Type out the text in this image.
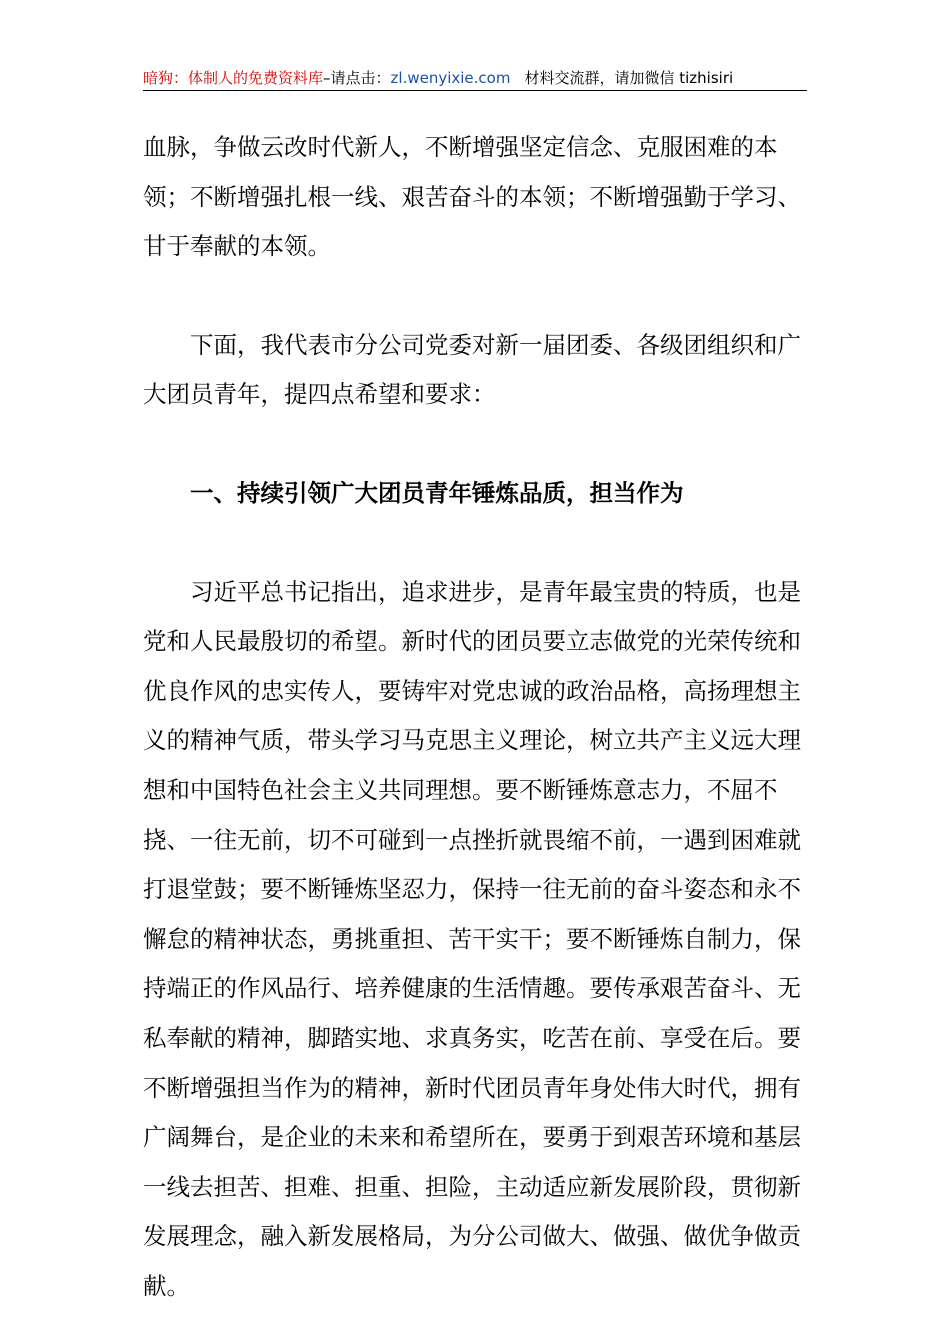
暗狗：体制人的免费资料库–请点击：zl.wenyixie.com 材料交流群，请加微信 tizhisiri

血脉，争做云改时代新人，不断增强坚定信念、克服困难的本领；不断增强扎根一线、艰苦奋斗的本领；不断增强勤于学习、甘于奉献的本领。

下面，我代表市分公司党委对新一届团委、各级团组织和广大团员青年，提四点希望和要求：

一、持续引领广大团员青年锤炼品质，担当作为

习近平总书记指出，追求进步，是青年最宝贵的特质，也是党和人民最殷切的希望。新时代的团员要立志做党的光荣传统和优良作风的忠实传人，要铸牢对党忠诚的政治品格，高扬理想主义的精神气质，带头学习马克思主义理论，树立共产主义远大理想和中国特色社会主义共同理想。要不断锤炼意志力，不屈不挠、一往无前，切不可碰到一点挫折就畏缩不前，一遇到困难就打退堂鼓；要不断锤炼坚忍力，保持一往无前的奋斗姿态和永不懈怠的精神状态，勇挑重担、苦干实干；要不断锤炼自制力，保持端正的作风品行、培养健康的生活情趣。要传承艰苦奋斗、无私奉献的精神，脚踏实地、求真务实，吃苦在前、享受在后。要不断增强担当作为的精神，新时代团员青年身处伟大时代，拥有广阔舞台，是企业的未来和希望所在，要勇于到艰苦环境和基层一线去担苦、担难、担重、担险，主动适应新发展阶段，贯彻新发展理念，融入新发展格局，为分公司做大、做强、做优争做贡献。
